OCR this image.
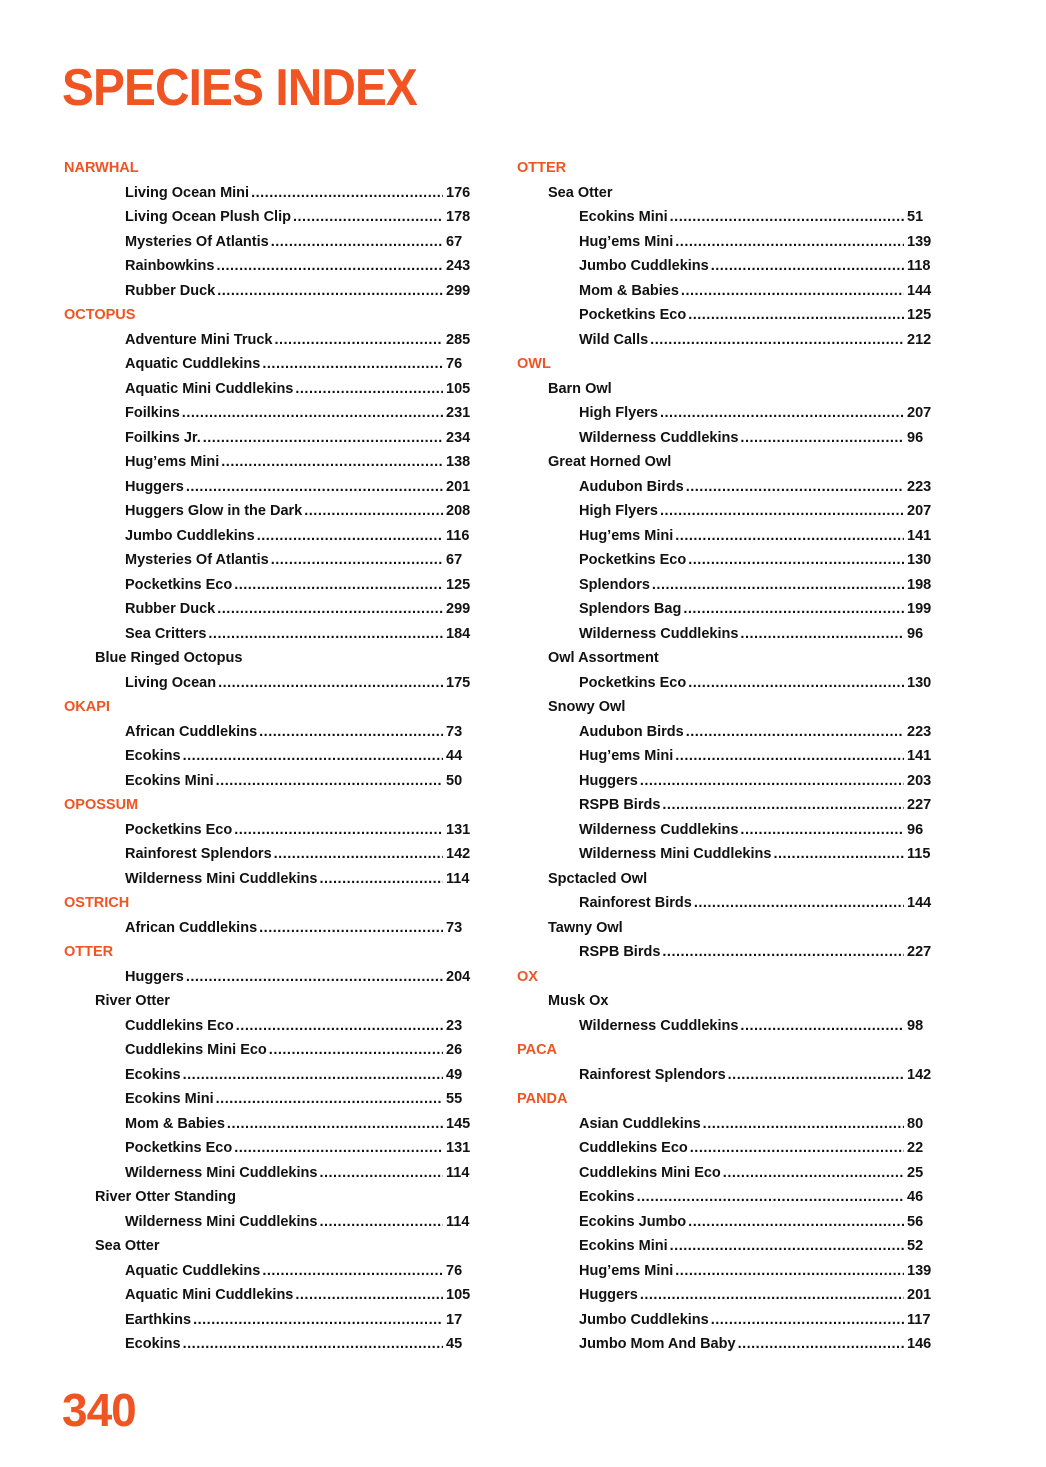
SPECIES INDEX
NARWHAL
Living Ocean Mini .....	176
Living Ocean Plush Clip .....	178
Mysteries Of Atlantis .....	67
Rainbowkins .....	243
Rubber Duck .....	299
OCTOPUS
Adventure Mini Truck .....	285
Aquatic Cuddlekins .....	76
Aquatic Mini Cuddlekins .....	105
Foilkins .....	231
Foilkins Jr. .....	234
Hug’ems Mini .....	138
Huggers .....	201
Huggers Glow in the Dark .....	208
Jumbo Cuddlekins .....	116
Mysteries Of Atlantis .....	67
Pocketkins Eco .....	125
Rubber Duck .....	299
Sea Critters .....	184
Blue Ringed Octopus
Living Ocean .....	175
OKAPI
African Cuddlekins .....	73
Ecokins .....	44
Ecokins Mini .....	50
OPOSSUM
Pocketkins Eco .....	131
Rainforest Splendors .....	142
Wilderness Mini Cuddlekins .....	114
OSTRICH
African Cuddlekins .....	73
OTTER
Huggers .....	204
River Otter
Cuddlekins Eco .....	23
Cuddlekins Mini Eco .....	26
Ecokins .....	49
Ecokins Mini .....	55
Mom & Babies .....	145
Pocketkins Eco .....	131
Wilderness Mini Cuddlekins .....	114
River Otter Standing
Wilderness Mini Cuddlekins .....	114
Sea Otter
Aquatic Cuddlekins .....	76
Aquatic Mini Cuddlekins .....	105
Earthkins .....	17
Ecokins .....	45
OTTER
Sea Otter
Ecokins Mini .....	51
Hug’ems Mini .....	139
Jumbo Cuddlekins .....	118
Mom & Babies .....	144
Pocketkins Eco .....	125
Wild Calls .....	212
OWL
Barn Owl
High Flyers .....	207
Wilderness Cuddlekins .....	96
Great Horned Owl
Audubon Birds .....	223
High Flyers .....	207
Hug’ems Mini .....	141
Pocketkins Eco .....	130
Splendors .....	198
Splendors Bag .....	199
Wilderness Cuddlekins .....	96
Owl Assortment
Pocketkins Eco .....	130
Snowy Owl
Audubon Birds .....	223
Hug’ems Mini .....	141
Huggers .....	203
RSPB Birds .....	227
Wilderness Cuddlekins .....	96
Wilderness Mini Cuddlekins .....	115
Spctacled Owl
Rainforest Birds .....	144
Tawny Owl
RSPB Birds .....	227
OX
Musk Ox
Wilderness Cuddlekins .....	98
PACA
Rainforest Splendors .....	142
PANDA
Asian Cuddlekins .....	80
Cuddlekins Eco .....	22
Cuddlekins Mini Eco .....	25
Ecokins .....	46
Ecokins Jumbo .....	56
Ecokins Mini .....	52
Hug’ems Mini .....	139
Huggers .....	201
Jumbo Cuddlekins .....	117
Jumbo Mom And Baby .....	146
340
